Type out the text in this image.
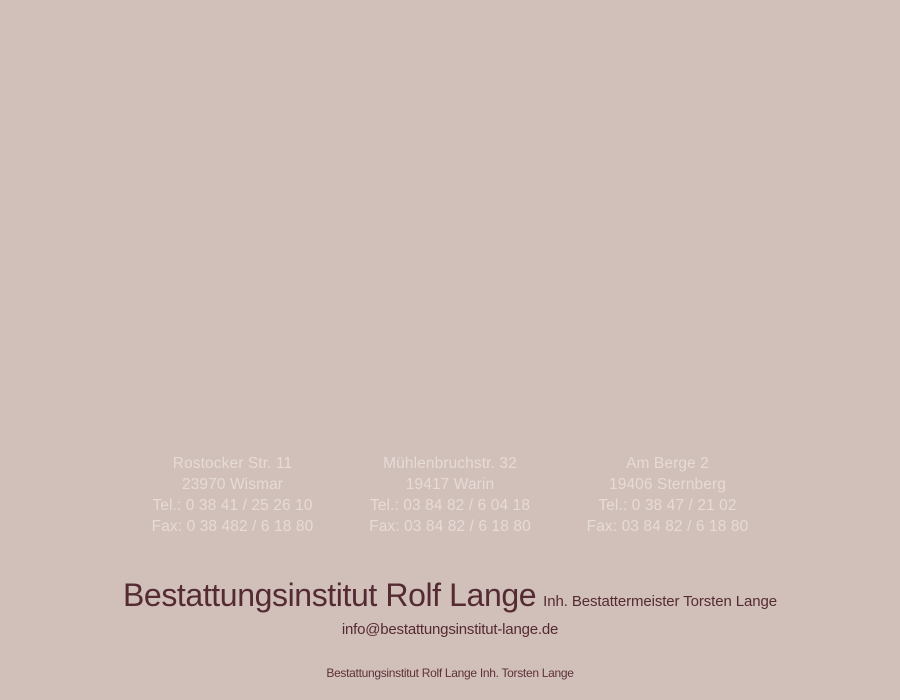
Rostocker Str. 11
23970 Wismar
Tel.: 0 38 41 / 25 26 10
Fax: 0 38 482 / 6 18 80
Mühlenbruchstr. 32
19417 Warin
Tel.: 03 84 82 / 6 04 18
Fax: 03 84 82 / 6 18 80
Am Berge 2
19406 Sternberg
Tel.: 0 38 47 / 21 02
Fax: 03 84 82 / 6 18 80
Bestattungsinstitut Rolf Lange Inh. Bestattermeister Torsten Lange
info@bestattungsinstitut-lange.de
Bestattungsinstitut Rolf Lange Inh. Torsten Lange
